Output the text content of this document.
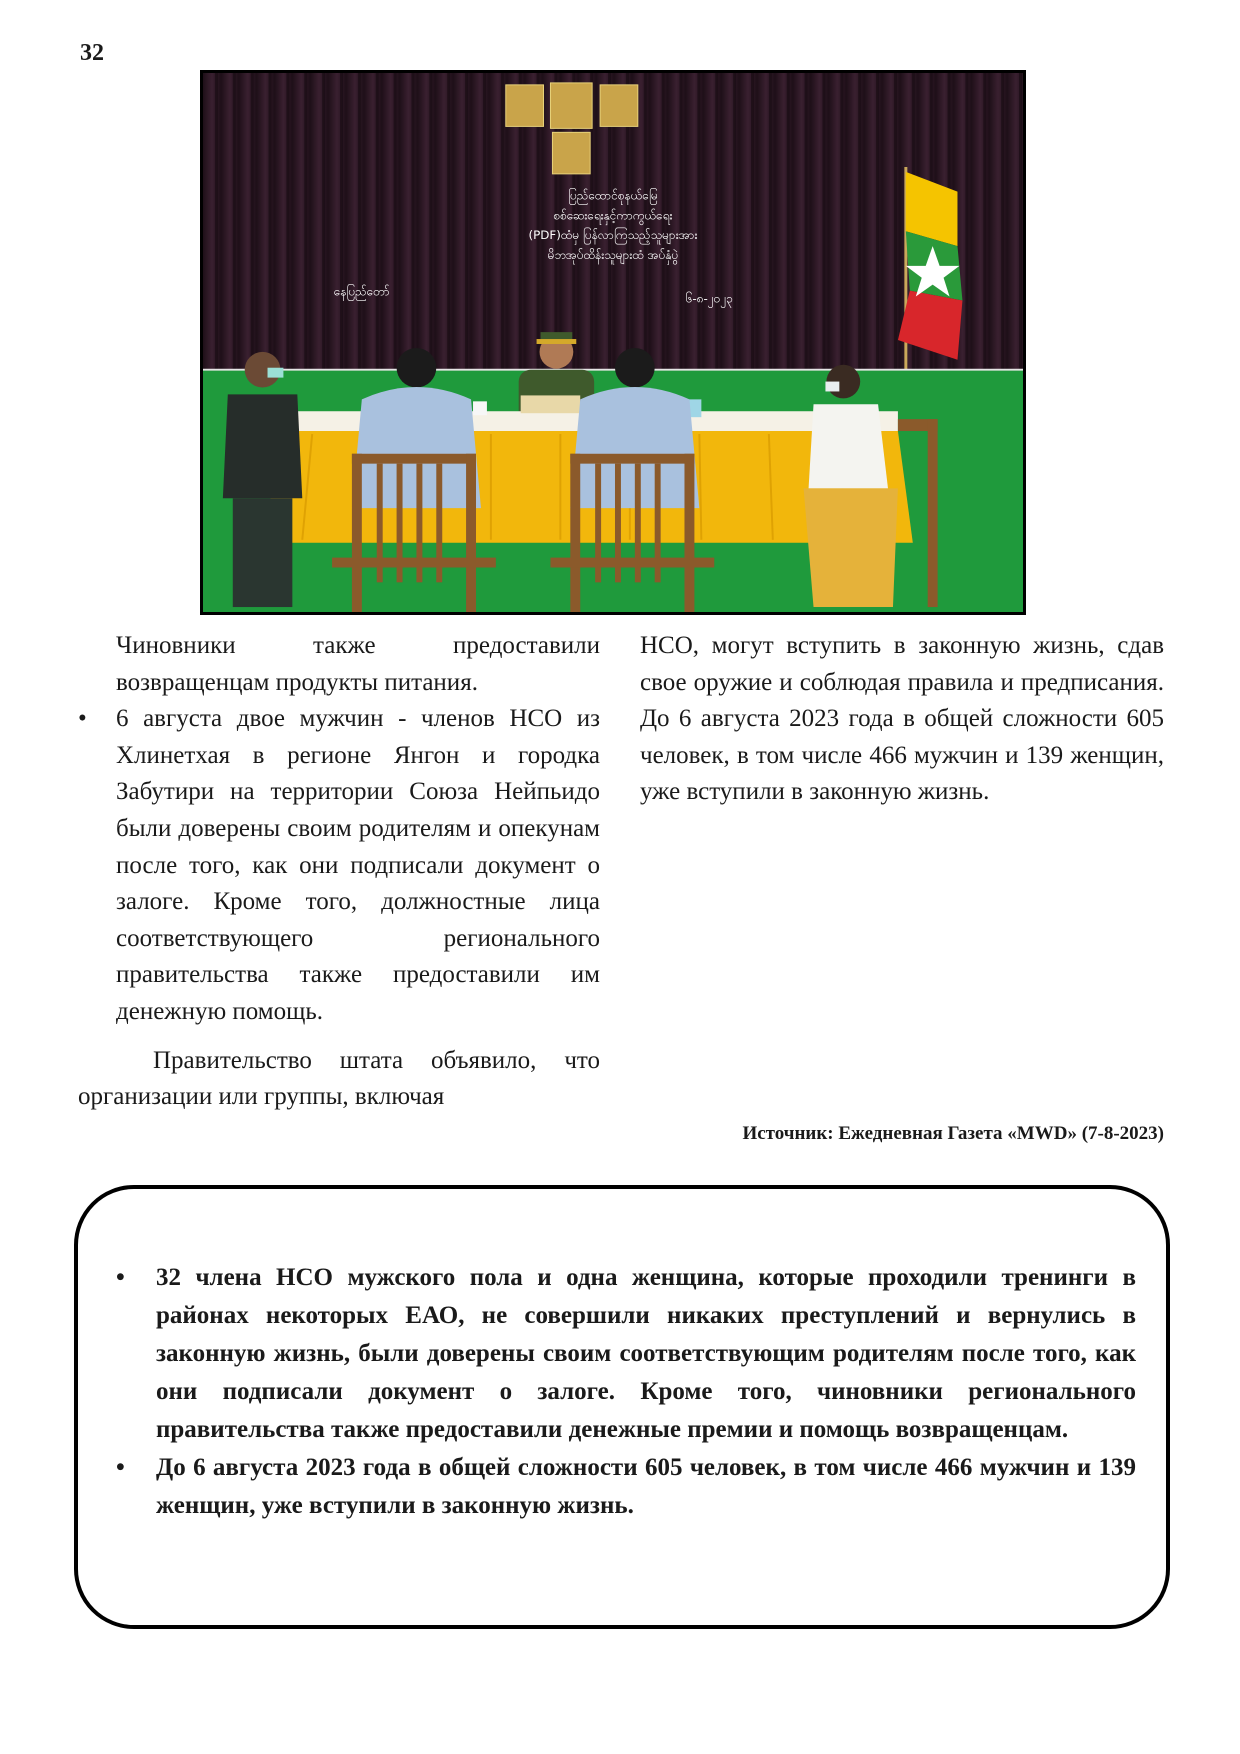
32
ပြည်ထောင်စုနယ်မြေ
စစ်ဆေးရေးနှင့်ကာကွယ်ရေး
(PDF)ထံမှ ပြန်လာကြသည့်သူများအား
မိဘအုပ်ထိန်းသူများထံ အပ်နှံပွဲ
နေပြည်တော်	၆-၈-၂၀၂၃

Чиновники также предоставили возвращенцам продукты питания.

• 6 августа двое мужчин - членов НСО из Хлинетхая в регионе Янгон и городка Забутири на территории Союза Нейпьидо были доверены своим родителям и опекунам после того, как они подписали документ о залоге. Кроме того, должностные лица соответствующего регионального правительства также предоставили им денежную помощь.

Правительство штата объявило, что организации или группы, включая

НСО, могут вступить в законную жизнь, сдав свое оружие и соблюдая правила и предписания. До 6 августа 2023 года в общей сложности 605 человек, в том числе 466 мужчин и 139 женщин, уже вступили в законную жизнь.

Источник: Ежедневная Газета «MWD» (7-8-2023)
• 32 члена НСО мужского пола и одна женщина, которые проходили тренинги в районах некоторых ЕАО, не совершили никаких преступлений и вернулись в законную жизнь, были доверены своим соответствующим родителям после того, как они подписали документ о залоге. Кроме того, чиновники регионального правительства также предоставили денежные премии и помощь возвращенцам.
• До 6 августа 2023 года в общей сложности 605 человек, в том числе 466 мужчин и 139 женщин, уже вступили в законную жизнь.
